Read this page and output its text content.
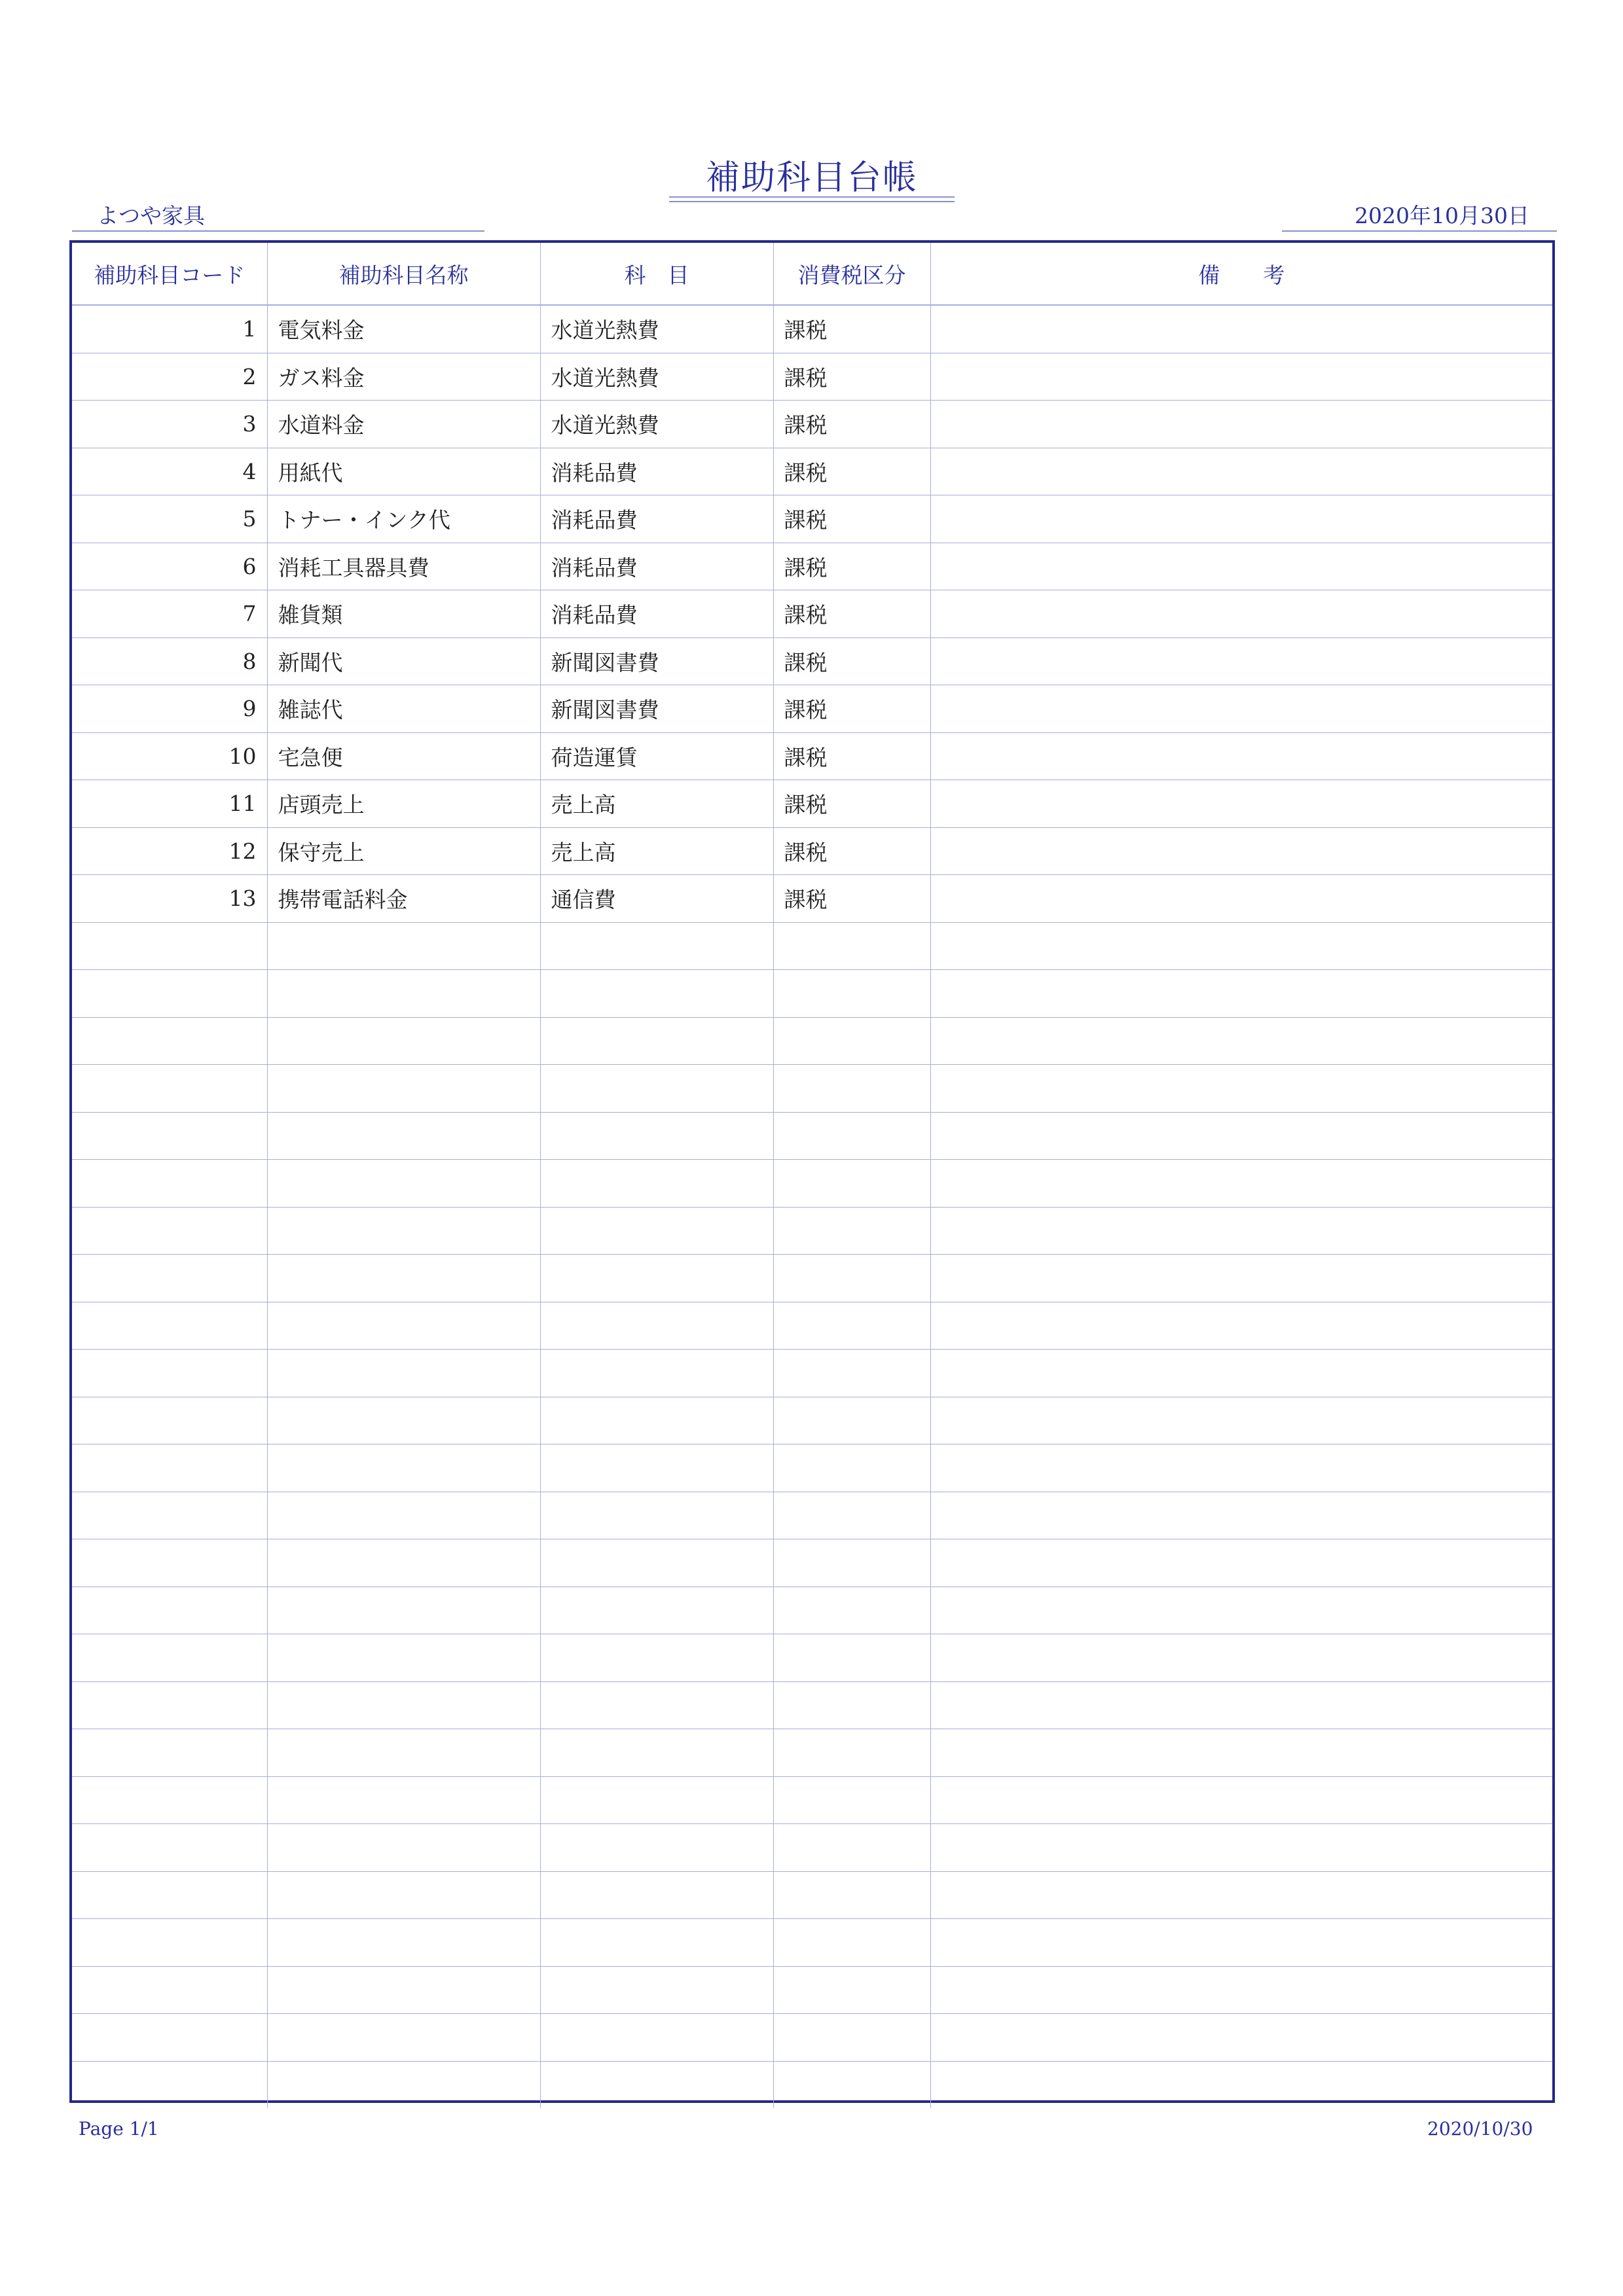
補助科目台帳
よつや家具	2020年10月30日
補助科目コード	補助科目名称	科　目	消費税区分	備　　考
1	電気料金	水道光熱費	課税	
2	ガス料金	水道光熱費	課税	
3	水道料金	水道光熱費	課税	
4	用紙代	消耗品費	課税	
5	トナー・インク代	消耗品費	課税	
6	消耗工具器具費	消耗品費	課税	
7	雑貨類	消耗品費	課税	
8	新聞代	新聞図書費	課税	
9	雑誌代	新聞図書費	課税	
10	宅急便	荷造運賃	課税	
11	店頭売上	売上高	課税	
12	保守売上	売上高	課税	
13	携帯電話料金	通信費	課税	

Page 1/1	2020/10/30
